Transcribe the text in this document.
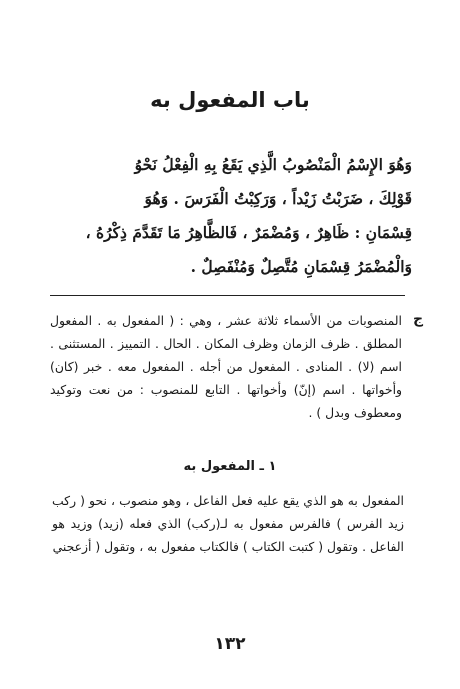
باب المفعول به

وَهُوَ الإِسْمُ الْمَنْصُوبُ الَّذِي يَقَعُ بِهِ الْفِعْلُ نَحْوُ
قَوْلِكَ ، ضَرَبْتُ زَيْداً ، وَرَكِبْتُ الْفَرَسَ . وَهُوَ
قِسْمَانِ : ظَاهِرٌ ، وَمُضْمَرٌ ، فَالظَّاهِرُ مَا تَقَدَّمَ ذِكْرُهُ ،
وَالْمُضْمَرُ قِسْمَانِ مُتَّصِلٌ وَمُنْفَصِلٌ .

ج

المنصوبات من الأسماء ثلاثة عشر ، وهي : ( المفعول به . المفعول المطلق . ظرف الزمان وظرف المكان . الحال . التمييز . المستثنى . اسم (لا) . المنادى . المفعول من أجله . المفعول معه . خبر (كان) وأخواتها . اسم (إنّ) وأخواتها . التابع للمنصوب : من نعت وتوكيد ومعطوف وبدل ) .

١ ـ المفعول به

المفعول به هو الذي يقع عليه فعل الفاعل ، وهو منصوب ، نحو ( ركب زيد الفرس ) فالفرس مفعول به لـ(ركب) الذي فعله (زيد) وزيد هو الفاعل . وتقول ( كتبت الكتاب ) فالكتاب مفعول به ، وتقول ( أزعجني

١٣٢
